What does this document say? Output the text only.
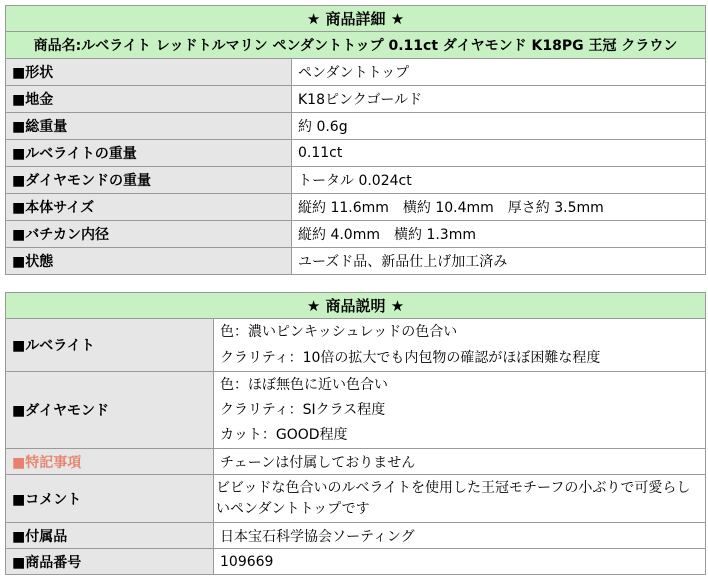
★ 商品詳細 ★	
商品名:ルベライト レッドトルマリン ペンダントトップ 0.11ct ダイヤモンド K18PG 王冠 クラウン	
■形状	ペンダントトップ
■地金	K18ピンクゴールド
■総重量	約 0.6g
■ルベライトの重量	0.11ct
■ダイヤモンドの重量	トータル 0.024ct
■本体サイズ	縦約 11.6mm　横約 10.4mm　厚さ約 3.5mm
■バチカン内径	縦約 4.0mm　横約 1.3mm
■状態	ユーズド品、新品仕上げ加工済み
★ 商品説明 ★	
■ルベライト	色：濃いピンキッシュレッドの色合い
クラリティ：10倍の拡大でも内包物の確認がほぼ困難な程度

■ダイヤモンド	色：ほぼ無色に近い色合い
クラリティ：SIクラス程度
カット：GOOD程度

■特記事項	チェーンは付属しておりません
■コメント	ビビッドな色合いのルベライトを使用した王冠モチーフの小ぶりで可愛らしいペンダントトップです
■付属品	日本宝石科学協会ソーティング
■商品番号	109669
